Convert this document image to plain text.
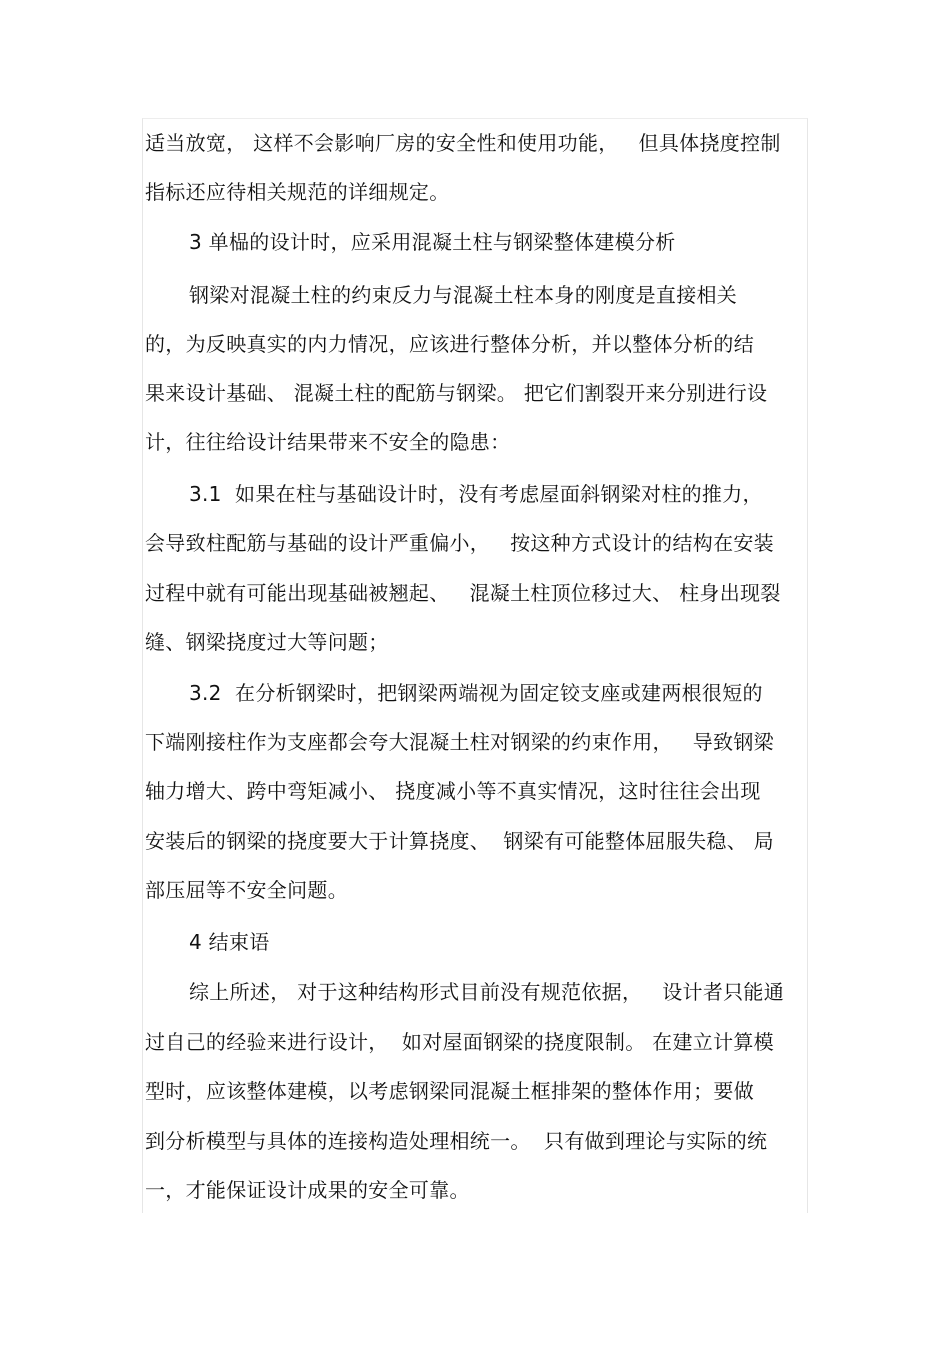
适当放宽， 这样不会影响厂房的安全性和使用功能，   但具体挠度控制
指标还应待相关规范的详细规定。
3 单榀的设计时，应采用混凝土柱与钢梁整体建模分析
钢梁对混凝土柱的约束反力与混凝土柱本身的刚度是直接相关
的，为反映真实的内力情况，应该进行整体分析，并以整体分析的结
果来设计基础、 混凝土柱的配筋与钢梁。 把它们割裂开来分别进行设
计，往往给设计结果带来不安全的隐患：
3.1  如果在柱与基础设计时，没有考虑屋面斜钢梁对柱的推力，
会导致柱配筋与基础的设计严重偏小，   按这种方式设计的结构在安装
过程中就有可能出现基础被翘起、   混凝土柱顶位移过大、 柱身出现裂
缝、钢梁挠度过大等问题；
3.2  在分析钢梁时，把钢梁两端视为固定铰支座或建两根很短的
下端刚接柱作为支座都会夸大混凝土柱对钢梁的约束作用，   导致钢梁
轴力增大、跨中弯矩减小、 挠度减小等不真实情况，这时往往会出现
安装后的钢梁的挠度要大于计算挠度、  钢梁有可能整体屈服失稳、 局
部压屈等不安全问题。
4 结束语
综上所述， 对于这种结构形式目前没有规范依据，   设计者只能通
过自己的经验来进行设计，  如对屋面钢梁的挠度限制。 在建立计算模
型时，应该整体建模，以考虑钢梁同混凝土框排架的整体作用；要做
到分析模型与具体的连接构造处理相统一。  只有做到理论与实际的统
一，才能保证设计成果的安全可靠。
